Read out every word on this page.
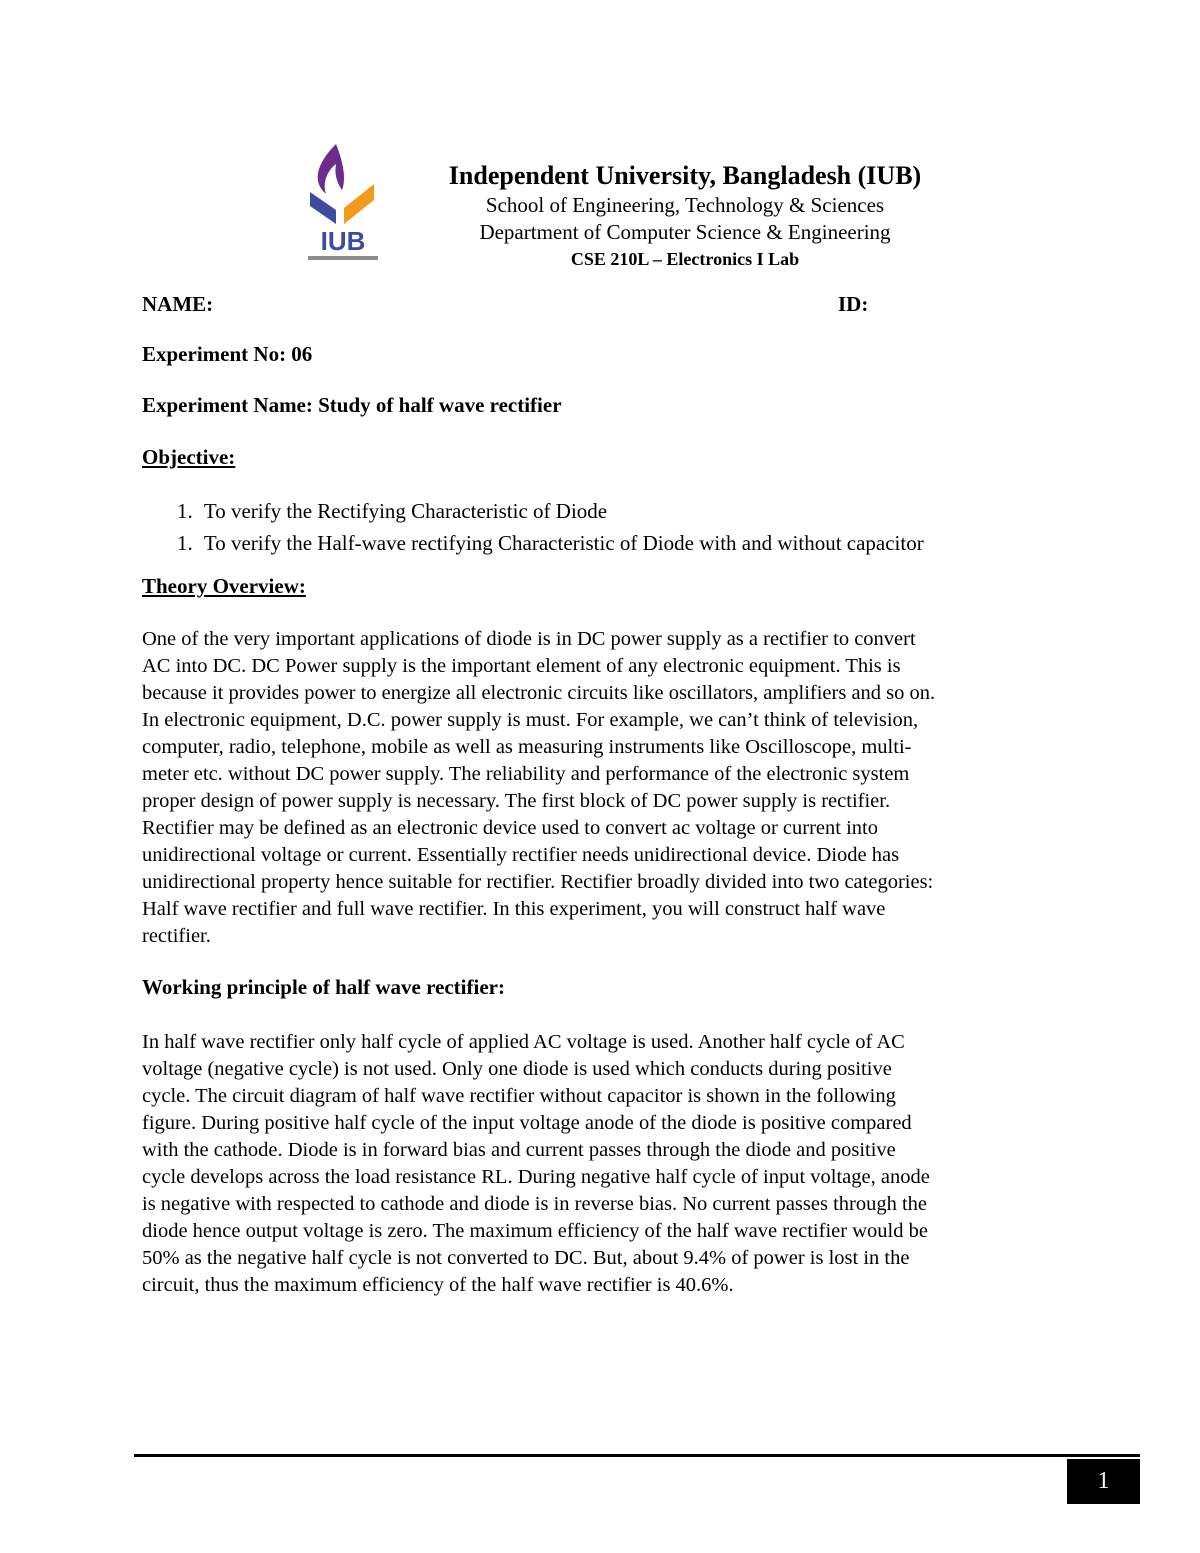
IUB

Independent University, Bangladesh (IUB)

School of Engineering, Technology & Sciences

Department of Computer Science & Engineering

CSE 210L – Electronics I Lab

NAME:	ID:
Experiment No: 06
Experiment Name: Study of half wave rectifier
Objective:
1. To verify the Rectifying Characteristic of Diode
1. To verify the Half-wave rectifying Characteristic of Diode with and without capacitor
Theory Overview:
One of the very important applications of diode is in DC power supply as a rectifier to convert
AC into DC. DC Power supply is the important element of any electronic equipment. This is
because it provides power to energize all electronic circuits like oscillators, amplifiers and so on.
In electronic equipment, D.C. power supply is must. For example, we can’t think of television,
computer, radio, telephone, mobile as well as measuring instruments like Oscilloscope, multi-
meter etc. without DC power supply. The reliability and performance of the electronic system
proper design of power supply is necessary. The first block of DC power supply is rectifier.
Rectifier may be defined as an electronic device used to convert ac voltage or current into
unidirectional voltage or current. Essentially rectifier needs unidirectional device. Diode has
unidirectional property hence suitable for rectifier. Rectifier broadly divided into two categories:
Half wave rectifier and full wave rectifier. In this experiment, you will construct half wave
rectifier.
Working principle of half wave rectifier:
In half wave rectifier only half cycle of applied AC voltage is used. Another half cycle of AC
voltage (negative cycle) is not used. Only one diode is used which conducts during positive
cycle. The circuit diagram of half wave rectifier without capacitor is shown in the following
figure. During positive half cycle of the input voltage anode of the diode is positive compared
with the cathode. Diode is in forward bias and current passes through the diode and positive
cycle develops across the load resistance RL. During negative half cycle of input voltage, anode
is negative with respected to cathode and diode is in reverse bias. No current passes through the
diode hence output voltage is zero. The maximum efficiency of the half wave rectifier would be
50% as the negative half cycle is not converted to DC. But, about 9.4% of power is lost in the
circuit, thus the maximum efficiency of the half wave rectifier is 40.6%.
1
